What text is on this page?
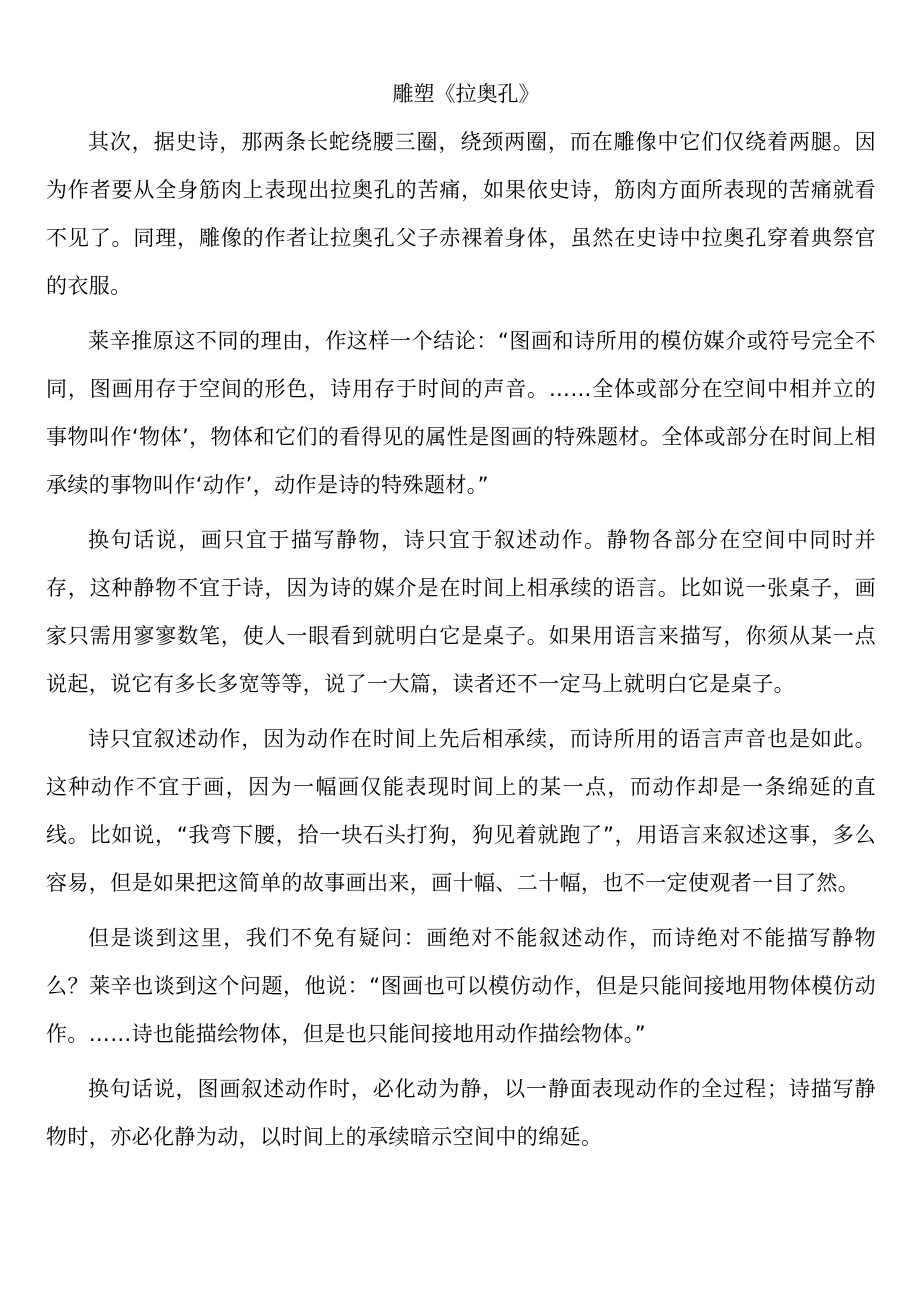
雕塑《拉奥孔》

其次，据史诗，那两条长蛇绕腰三圈，绕颈两圈，而在雕像中它们仅绕着两腿。因为作者要从全身筋肉上表现出拉奥孔的苦痛，如果依史诗，筋肉方面所表现的苦痛就看不见了。同理，雕像的作者让拉奥孔父子赤裸着身体，虽然在史诗中拉奥孔穿着典祭官的衣服。

莱辛推原这不同的理由，作这样一个结论：“图画和诗所用的模仿媒介或符号完全不同，图画用存于空间的形色，诗用存于时间的声音。……全体或部分在空间中相并立的事物叫作‘物体’，物体和它们的看得见的属性是图画的特殊题材。全体或部分在时间上相承续的事物叫作‘动作’，动作是诗的特殊题材。”

换句话说，画只宜于描写静物，诗只宜于叙述动作。静物各部分在空间中同时并存，这种静物不宜于诗，因为诗的媒介是在时间上相承续的语言。比如说一张桌子，画家只需用寥寥数笔，使人一眼看到就明白它是桌子。如果用语言来描写，你须从某一点说起，说它有多长多宽等等，说了一大篇，读者还不一定马上就明白它是桌子。

诗只宜叙述动作，因为动作在时间上先后相承续，而诗所用的语言声音也是如此。这种动作不宜于画，因为一幅画仅能表现时间上的某一点，而动作却是一条绵延的直线。比如说，“我弯下腰，拾一块石头打狗，狗见着就跑了”，用语言来叙述这事，多么容易，但是如果把这简单的故事画出来，画十幅、二十幅，也不一定使观者一目了然。

但是谈到这里，我们不免有疑问：画绝对不能叙述动作，而诗绝对不能描写静物么？莱辛也谈到这个问题，他说：“图画也可以模仿动作，但是只能间接地用物体模仿动作。……诗也能描绘物体，但是也只能间接地用动作描绘物体。”

换句话说，图画叙述动作时，必化动为静，以一静面表现动作的全过程；诗描写静物时，亦必化静为动，以时间上的承续暗示空间中的绵延。
